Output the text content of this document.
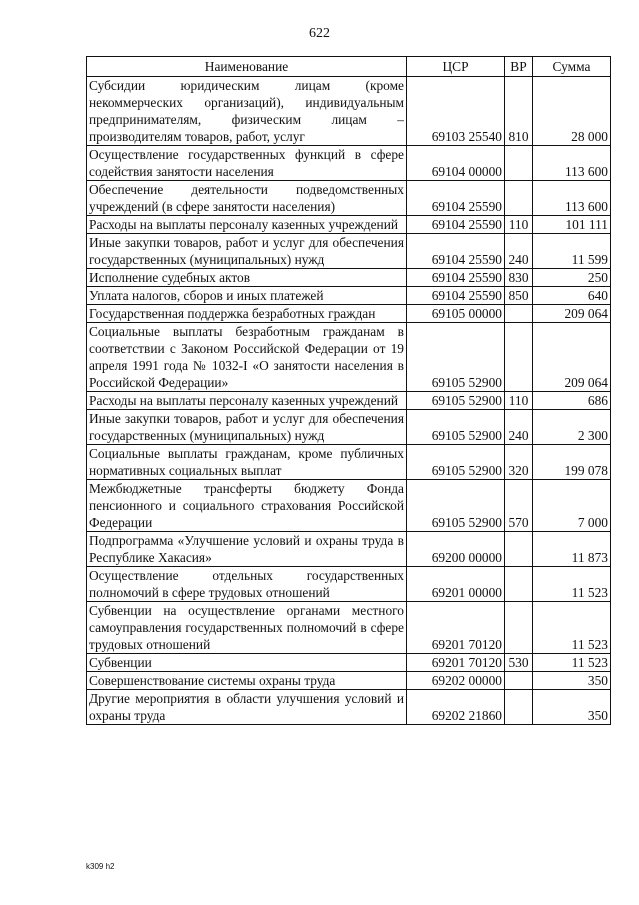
622
Наименование	ЦСР	ВР	Сумма
Субсидии юридическим лицам (кроме некоммерческих организаций), индивидуальным предпринимателям, физическим лицам – производителям товаров, работ, услуг	69103 25540	810	28 000
Осуществление государственных функций в сфере содействия занятости населения	69104 00000		113 600
Обеспечение деятельности подведомственных учреждений (в сфере занятости населения)	69104 25590		113 600
Расходы на выплаты персоналу казенных учреждений	69104 25590	110	101 111
Иные закупки товаров, работ и услуг для обеспечения государственных (муниципальных) нужд	69104 25590	240	11 599
Исполнение судебных актов	69104 25590	830	250
Уплата налогов, сборов и иных платежей	69104 25590	850	640
Государственная поддержка безработных граждан	69105 00000		209 064
Социальные выплаты безработным гражданам в соответствии с Законом Российской Федерации от 19 апреля 1991 года № 1032-I «О занятости населения в Российской Федерации»	69105 52900		209 064
Расходы на выплаты персоналу казенных учреждений	69105 52900	110	686
Иные закупки товаров, работ и услуг для обеспечения государственных (муниципальных) нужд	69105 52900	240	2 300
Социальные выплаты гражданам, кроме публичных нормативных социальных выплат	69105 52900	320	199 078
Межбюджетные трансферты бюджету Фонда пенсионного и социального страхования Российской Федерации	69105 52900	570	7 000
Подпрограмма «Улучшение условий и охраны труда в Республике Хакасия»	69200 00000		11 873
Осуществление отдельных государственных полномочий в сфере трудовых отношений	69201 00000		11 523
Субвенции на осуществление органами местного самоуправления государственных полномочий в сфере трудовых отношений	69201 70120		11 523
Субвенции	69201 70120	530	11 523
Совершенствование системы охраны труда	69202 00000		350
Другие мероприятия в области улучшения условий и охраны труда	69202 21860		350
k309 h2
